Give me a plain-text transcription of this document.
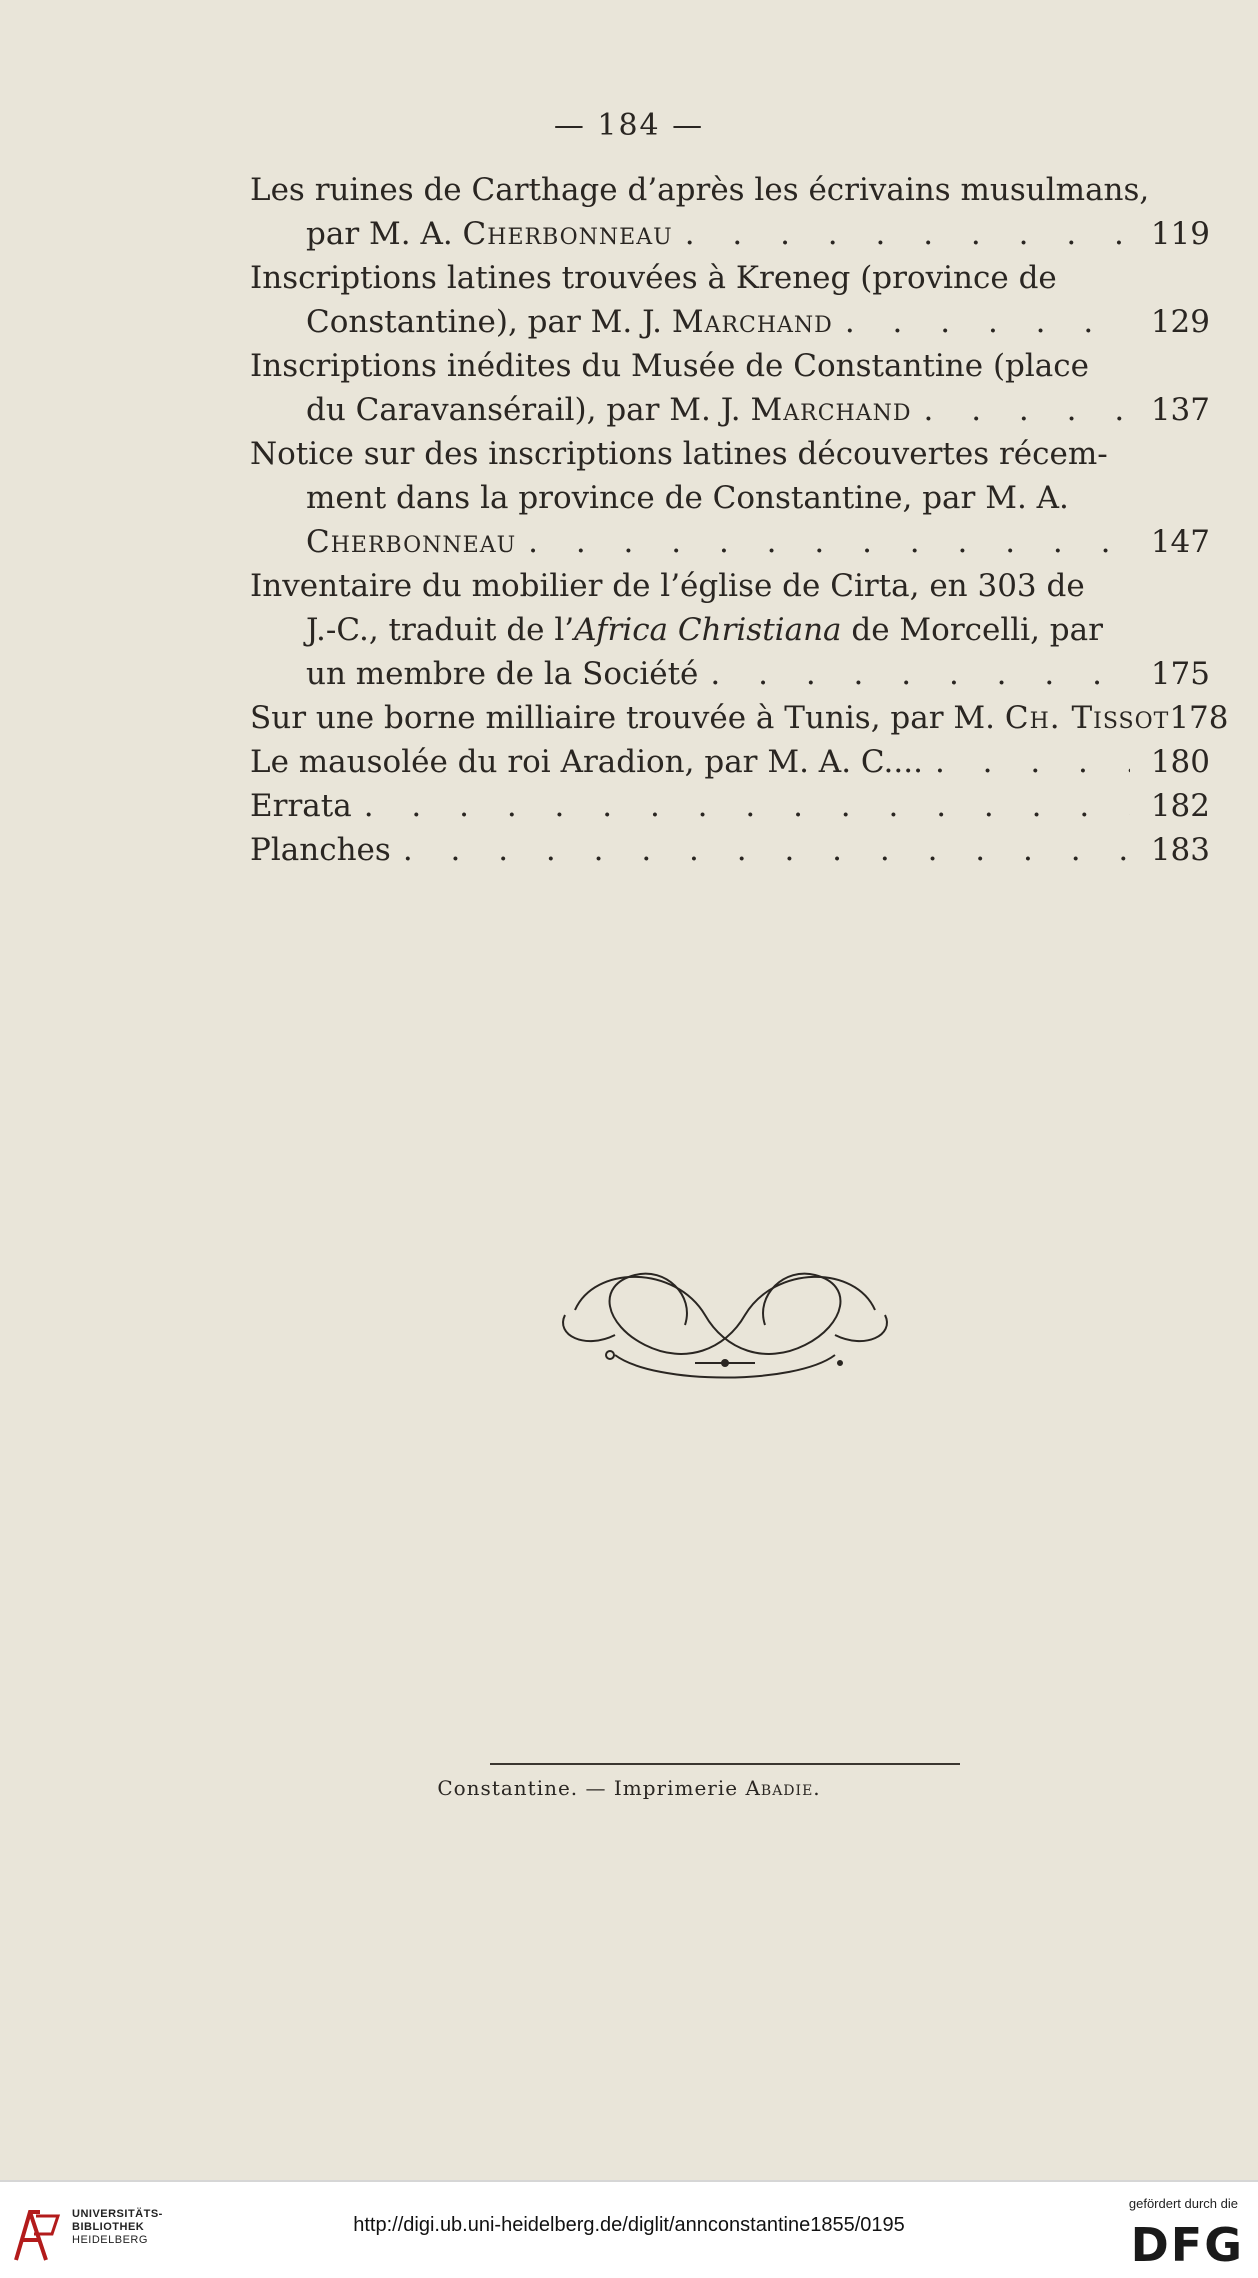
— 184 —
Les ruines de Carthage d’après les écrivains musulmans,
par M. A. Cherbonneau . . .	119
Inscriptions latines trouvées à Kreneg (province de
Constantine), par M. J. Marchand . . .	129
Inscriptions inédites du Musée de Constantine (place
du Caravansérail), par M. J. Marchand . . .	137
Notice sur des inscriptions latines découvertes récem-
ment dans la province de Constantine, par M. A.
Cherbonneau . . .	147
Inventaire du mobilier de l’église de Cirta, en 303 de
J.-C., traduit de l’Africa Christiana de Morcelli, par
un membre de la Société . . .	175
Sur une borne milliaire trouvée à Tunis, par M. Ch. Tissot 178
Le mausolée du roi Aradion, par M. A. C.... . . .	180
Errata . . .	182
Planches . . .	183
Constantine. — Imprimerie Abadie.
UNIVERSITÄTS-
BIBLIOTHEK
HEIDELBERG
http://digi.ub.uni-heidelberg.de/diglit/annconstantine1855/0195
gefördert durch die
DFG
